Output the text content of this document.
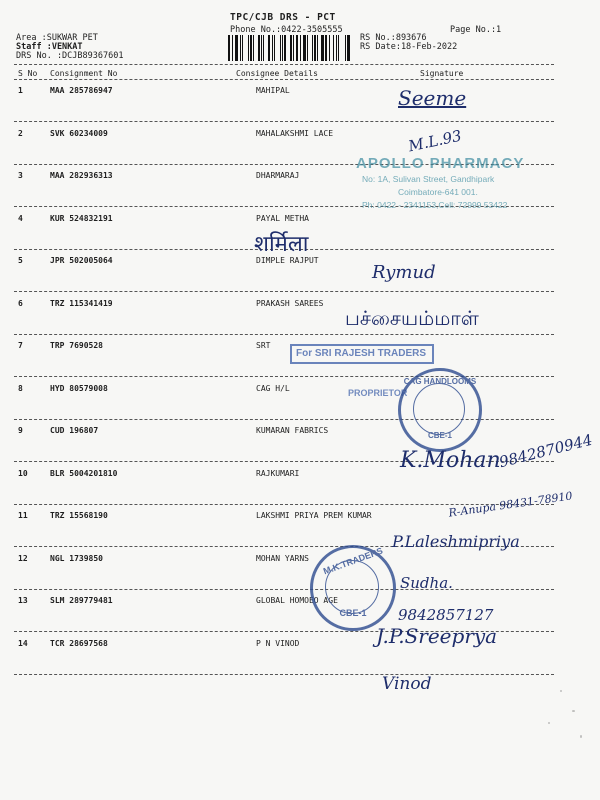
TPC/CJB DRS - PCT
Phone No.:0422-3505555	Page No.:1
Area :SUKWAR PET
Staff :VENKAT
DRS No. :DCJB89367601
RS No.:893676
RS Date:18-Feb-2022
S No Consignment No	Consignee Details	Signature
1	MAA 285786947	MAHIPAL
2	SVK 60234009	MAHALAKSHMI LACE
3	MAA 282936313	DHARMARAJ
4	KUR 524832191	PAYAL METHA
5	JPR 502005064	DIMPLE RAJPUT
6	TRZ 115341419	PRAKASH SAREES
7	TRP 7690528	SRT
8	HYD 80579008	CAG H/L
9	CUD 196807	KUMARAN FABRICS
10	BLR 5004201810	RAJKUMARI
11	TRZ 15568190	LAKSHMI PRIYA PREM KUMAR
12	NGL 1739850	MOHAN YARNS
13	SLM 289779481	GLOBAL HOMOEO AGE
14	TCR 28697568	P N VINOD
APOLLO PHARMACY
No: 1A, Sulivan Street, Gandhipark
Coimbatore-641 001.
Ph: 0422 - 2341153,Cell: 72999 53422
For SRI RAJESH TRADERS
PROPRIETOR
CAG HANDLOOMS
CBE-1
M.K.TRADERS
CBE-1
Seeme
M.L.93
शर्मिला
Rymud
பச்சையம்மாள்
K.Mohan
9842870944
R-Anupa 98431-78910
P.Laleshmipriya
Sudha.
9842857127
J.P.Sreeprya
Vinod
